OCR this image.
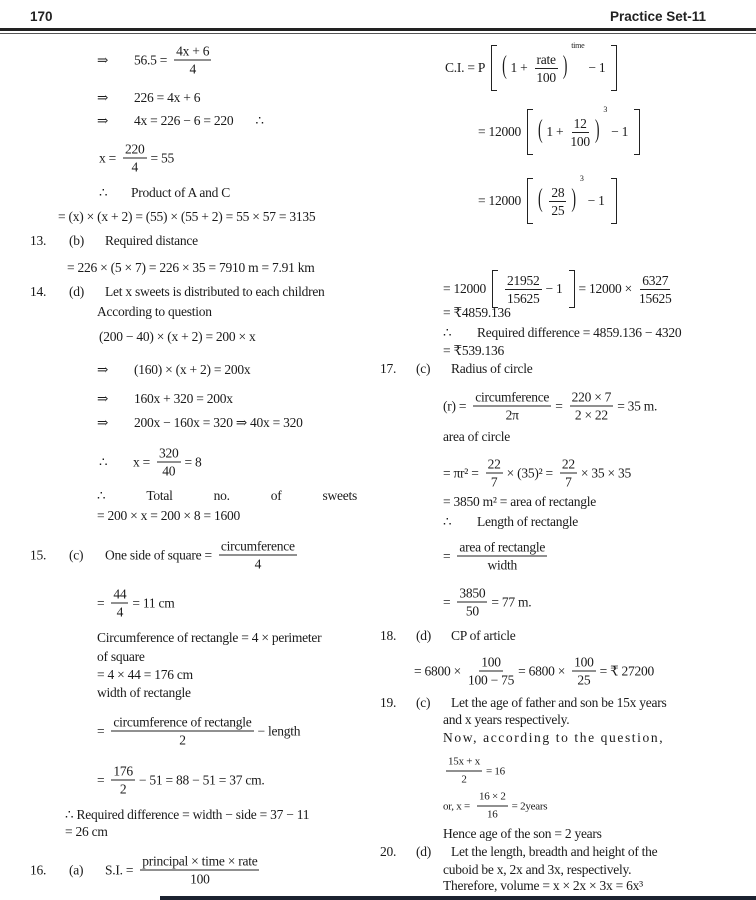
170	Practice Set-11
⇒	$56.5 = \frac{4x + 6}{4}$
⇒	226 = 4x + 6
⇒	4x = 226 − 6 = 220 ∴
$x = \frac{220}{4} = 55$
∴	Product of A and C
= (x) × (x + 2) = (55) × (55 + 2) = 55 × 57 = 3135
13.	(b)	Required distance
= 226 × (5 × 7) = 226 × 35 = 7910 m = 7.91 km
14.	(d)	Let x sweets is distributed to each children
According to question
(200 − 40) × (x + 2) = 200 × x
⇒	(160) × (x + 2) = 200x
⇒	160x + 320 = 200x
⇒	200x − 160x = 320 ⇒ 40x = 320
∴	$x = \frac{320}{40} = 8$
∴	Total	no.	of	sweets
= 200 × x = 200 × 8 = 1600
15.	(c)	One side of square =
circumference
4
= $\frac{44}{4} = 11$ cm
Circumference of rectangle = 4 × perimeter
of square
= 4 × 44 = 176 cm
width of rectangle
=
circumference of rectangle
2
− length
= $\frac{176}{2} - 51 = 88 - 51 = 37$ cm.
∴ Required difference = width − side = 37 − 11
= 26 cm
16.	(a)	S.I. =
principal × time × rate
100
C.I. = P ( 1 +
rate
100 )
time
− 1
= 12000 ( $1 + \frac{12}{100}$ )
3
− 1
= 12000 ( $\frac{28}{25}$ )
3
− 1
= $12000 \frac{21952}{15625} - 1 = 12000 \times \frac{6327}{15625}$
= ₹4859.136
∴	Required difference = 4859.136 − 4320
= ₹539.136
17.	(c)	Radius of circle
(r) =
circumference
2π
= $\frac{220 \times 7}{2 \times 22} = 35$ m.
area of circle
= $\pi r^2 = \frac{22}{7} \times (35)^2 = \frac{22}{7} \times 35 \times 35$
= 3850 m² = area of rectangle
∴	Length of rectangle
=
area of rectangle
width
= $\frac{3850}{50} = 77$ m.
18.	(d)	CP of article
= $6800 \times \frac{100}{100 - 75} = 6800 \times \frac{100}{25}$ = ₹ 27200
19.	(c)	Let the age of father and son be 15x years
and x years respectively.
Now, according to the question,
$\frac{15x + x}{2} = 16$
or, $x = \frac{16 \times 2}{16}$ = 2years
Hence age of the son = 2 years
20.	(d)	Let the length, breadth and height of the
cuboid be x, 2x and 3x, respectively.
Therefore, volume = x × 2x × 3x = 6x³
